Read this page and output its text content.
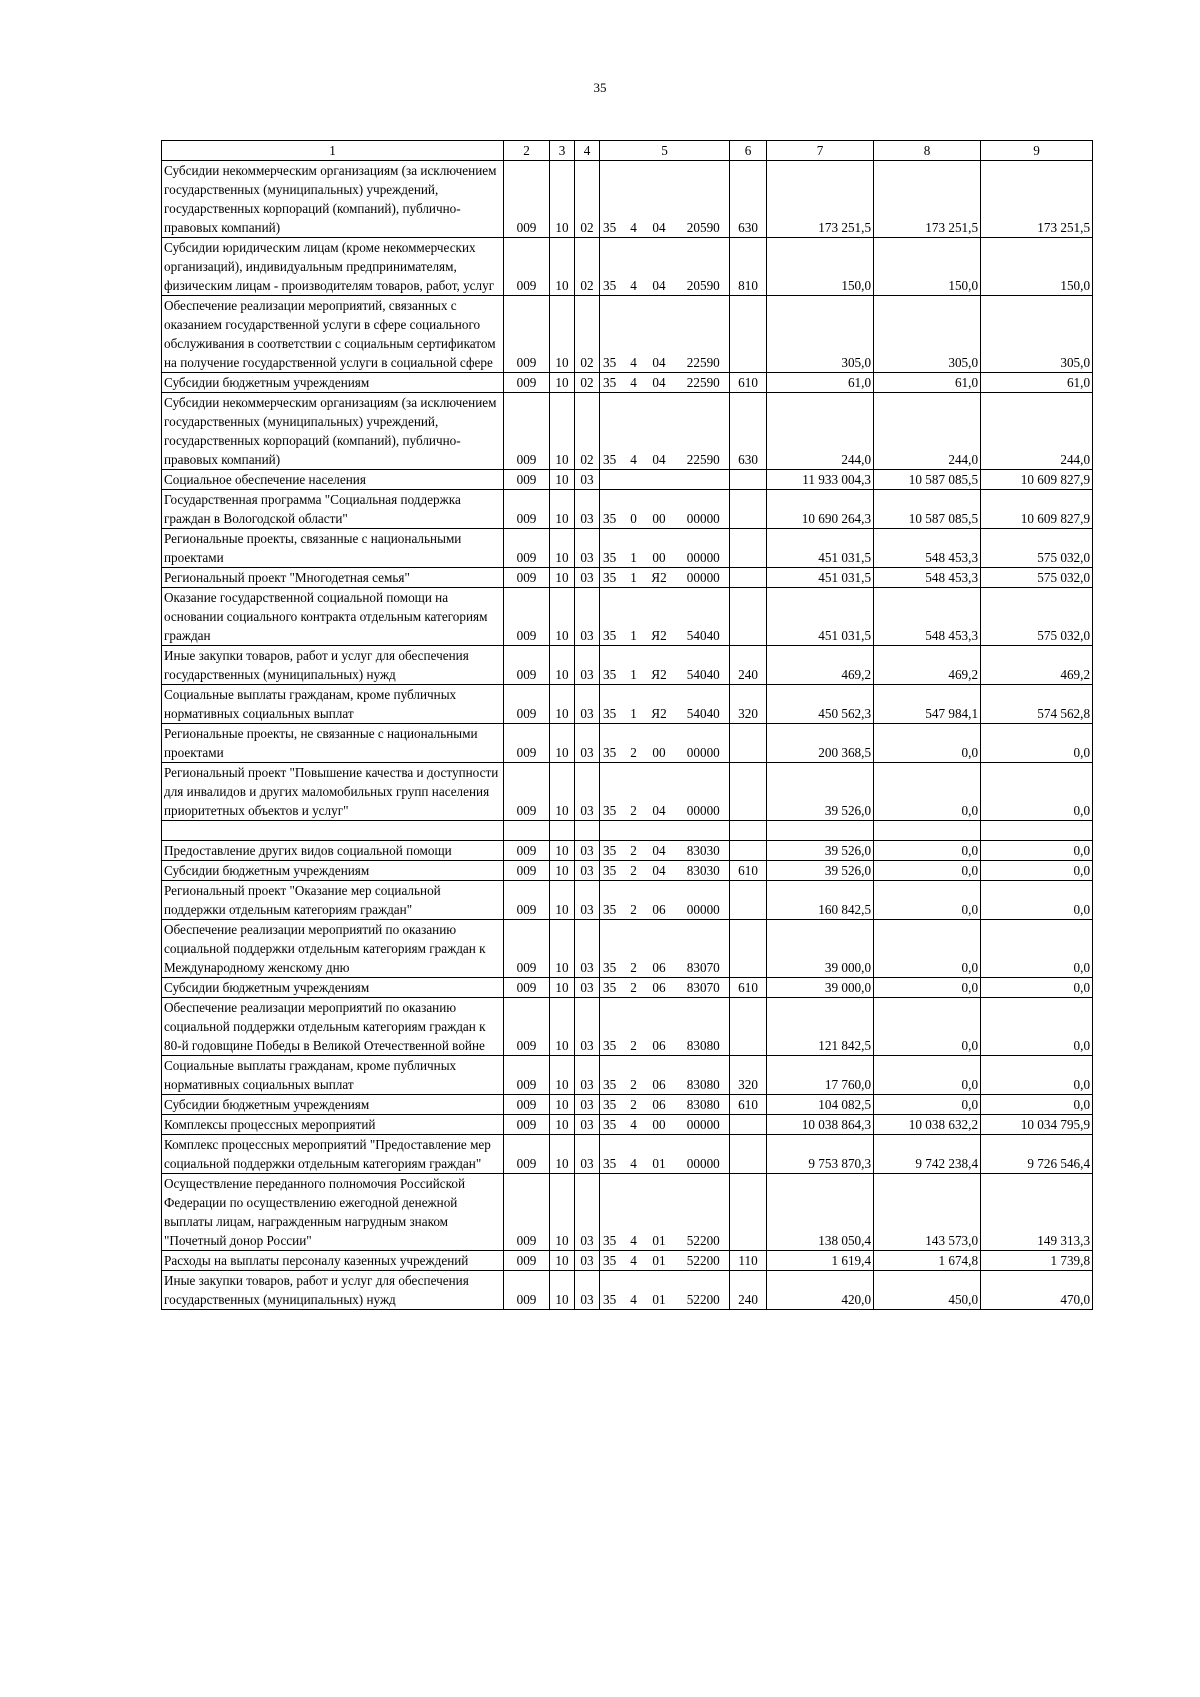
35
1	2	3	4	5				6	7	8	9
Субсидии некоммерческим организациям (за исключением государственных (муниципальных) учреждений, государственных корпораций (компаний), публично-правовых компаний)	009	10	02	35	4	04	20590	630	173 251,5	173 251,5	173 251,5
Субсидии юридическим лицам (кроме некоммерческих организаций), индивидуальным предпринимателям, физическим лицам - производителям товаров, работ, услуг	009	10	02	35	4	04	20590	810	150,0	150,0	150,0
Обеспечение реализации мероприятий, связанных с оказанием государственной услуги в сфере социального обслуживания в соответствии с социальным сертификатом на получение государственной услуги в социальной сфере	009	10	02	35	4	04	22590		305,0	305,0	305,0
Субсидии бюджетным учреждениям	009	10	02	35	4	04	22590	610	61,0	61,0	61,0
Субсидии некоммерческим организациям (за исключением государственных (муниципальных) учреждений, государственных корпораций (компаний), публично-правовых компаний)	009	10	02	35	4	04	22590	630	244,0	244,0	244,0
Социальное обеспечение населения	009	10	03						11 933 004,3	10 587 085,5	10 609 827,9
Государственная программа "Социальная поддержка граждан в Вологодской области"	009	10	03	35	0	00	00000		10 690 264,3	10 587 085,5	10 609 827,9
Региональные проекты, связанные с национальными проектами	009	10	03	35	1	00	00000		451 031,5	548 453,3	575 032,0
Региональный проект "Многодетная семья"	009	10	03	35	1	Я2	00000		451 031,5	548 453,3	575 032,0
Оказание государственной социальной помощи на основании социального контракта отдельным категориям граждан	009	10	03	35	1	Я2	54040		451 031,5	548 453,3	575 032,0
Иные закупки товаров, работ и услуг для обеспечения государственных (муниципальных) нужд	009	10	03	35	1	Я2	54040	240	469,2	469,2	469,2
Социальные выплаты гражданам, кроме публичных нормативных социальных выплат	009	10	03	35	1	Я2	54040	320	450 562,3	547 984,1	574 562,8
Региональные проекты, не связанные с национальными проектами	009	10	03	35	2	00	00000		200 368,5	0,0	0,0
Региональный проект "Повышение качества и доступности для инвалидов и других маломобильных групп населения приоритетных объектов и услуг"	009	10	03	35	2	04	00000		39 526,0	0,0	0,0

Предоставление других видов социальной помощи	009	10	03	35	2	04	83030		39 526,0	0,0	0,0
Субсидии бюджетным учреждениям	009	10	03	35	2	04	83030	610	39 526,0	0,0	0,0
Региональный проект "Оказание мер социальной поддержки отдельным категориям граждан"	009	10	03	35	2	06	00000		160 842,5	0,0	0,0
Обеспечение реализации мероприятий по оказанию социальной поддержки отдельным категориям граждан к Международному женскому дню	009	10	03	35	2	06	83070		39 000,0	0,0	0,0
Субсидии бюджетным учреждениям	009	10	03	35	2	06	83070	610	39 000,0	0,0	0,0
Обеспечение реализации мероприятий по оказанию социальной поддержки отдельным категориям граждан к 80-й годовщине Победы в Великой Отечественной войне	009	10	03	35	2	06	83080		121 842,5	0,0	0,0
Социальные выплаты гражданам, кроме публичных нормативных социальных выплат	009	10	03	35	2	06	83080	320	17 760,0	0,0	0,0
Субсидии бюджетным учреждениям	009	10	03	35	2	06	83080	610	104 082,5	0,0	0,0
Комплексы процессных мероприятий	009	10	03	35	4	00	00000		10 038 864,3	10 038 632,2	10 034 795,9
Комплекс процессных мероприятий "Предоставление мер социальной поддержки отдельным категориям граждан"	009	10	03	35	4	01	00000		9 753 870,3	9 742 238,4	9 726 546,4
Осуществление переданного полномочия Российской Федерации по осуществлению ежегодной денежной выплаты лицам, награжденным нагрудным знаком "Почетный донор России"	009	10	03	35	4	01	52200		138 050,4	143 573,0	149 313,3
Расходы на выплаты персоналу казенных учреждений	009	10	03	35	4	01	52200	110	1 619,4	1 674,8	1 739,8
Иные закупки товаров, работ и услуг для обеспечения государственных (муниципальных) нужд	009	10	03	35	4	01	52200	240	420,0	450,0	470,0
